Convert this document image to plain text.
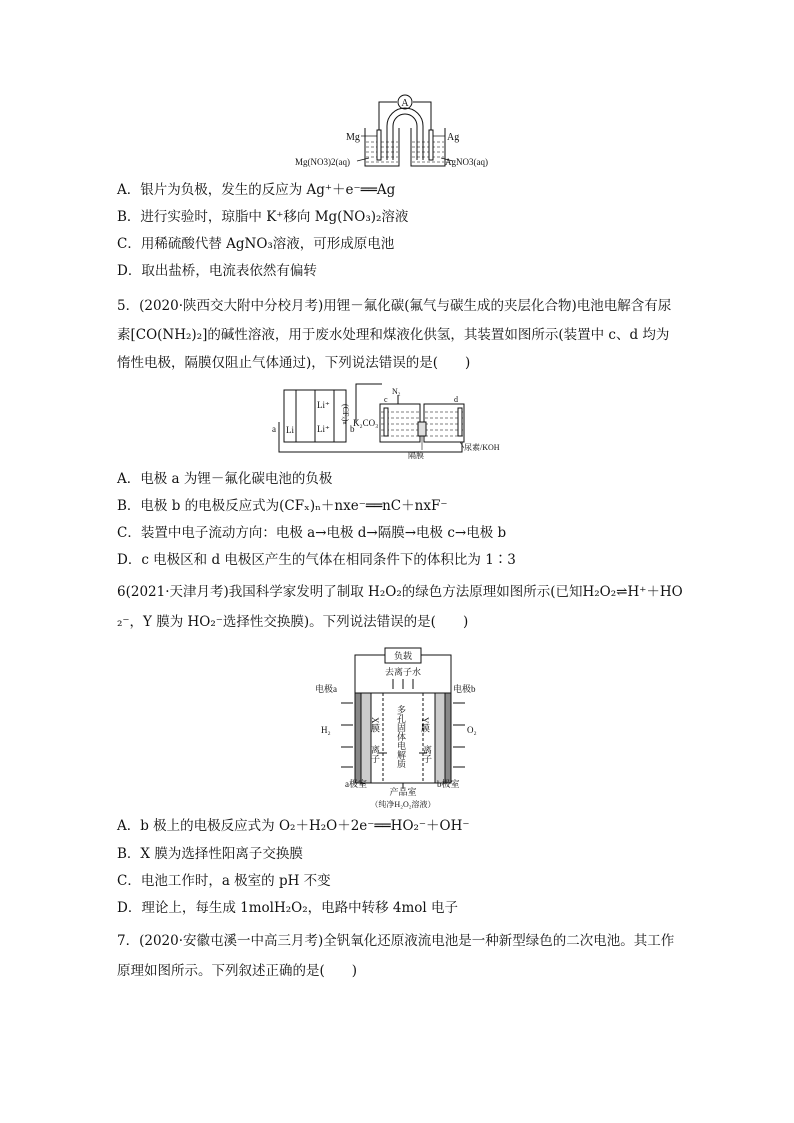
A
Mg	Ag
Mg(NO3)2(aq)	AgNO3(aq)
A．银片为负极，发生的反应为 Ag⁺＋e⁻══Ag
B．进行实验时，琼脂中 K⁺移向 Mg(NO₃)₂溶液
C．用稀硫酸代替 AgNO₃溶液，可形成原电池
D．取出盐桥，电流表依然有偏转
5．(2020·陕西交大附中分校月考)用锂－氟化碳(氟气与碳生成的夹层化合物)电池电解含有尿
素[CO(NH₂)₂]的碱性溶液，用于废水处理和煤液化供氢，其装置如图所示(装置中 c、d 均为
惰性电极，隔膜仅阻止气体通过)，下列说法错误的是(　　)
Li
Li⁺
Li⁺
a
(CFₓ)ₙ
b
K₂CO₃
c	d
N₂
隔膜
尿素/KOH
A．电极 a 为锂－氟化碳电池的负极
B．电极 b 的电极反应式为(CFₓ)ₙ＋nxe⁻══nC＋nxF⁻
C．装置中电子流动方向：电极 a→电极 d→隔膜→电极 c→电极 b
D．c 电极区和 d 电极区产生的气体在相同条件下的体积比为 1∶3
6(2021·天津月考)我国科学家发明了制取 H₂O₂的绿色方法原理如图所示(已知H₂O₂⇌H⁺＋HO
₂⁻，Y 膜为 HO₂⁻选择性交换膜)。下列说法错误的是(　　)
负载
去离子水
X膜	Y膜
多孔固体电解质
离子	离子
电极a	电极b
H₂	O₂
a极室	b极室
产品室
（纯净H₂O₂溶液）
A．b 极上的电极反应式为 O₂＋H₂O＋2e⁻══HO₂⁻＋OH⁻
B．X 膜为选择性阳离子交换膜
C．电池工作时，a 极室的 pH 不变
D．理论上，每生成 1molH₂O₂，电路中转移 4mol 电子
7．(2020·安徽屯溪一中高三月考)全钒氧化还原液流电池是一种新型绿色的二次电池。其工作
原理如图所示。下列叙述正确的是(　　)
